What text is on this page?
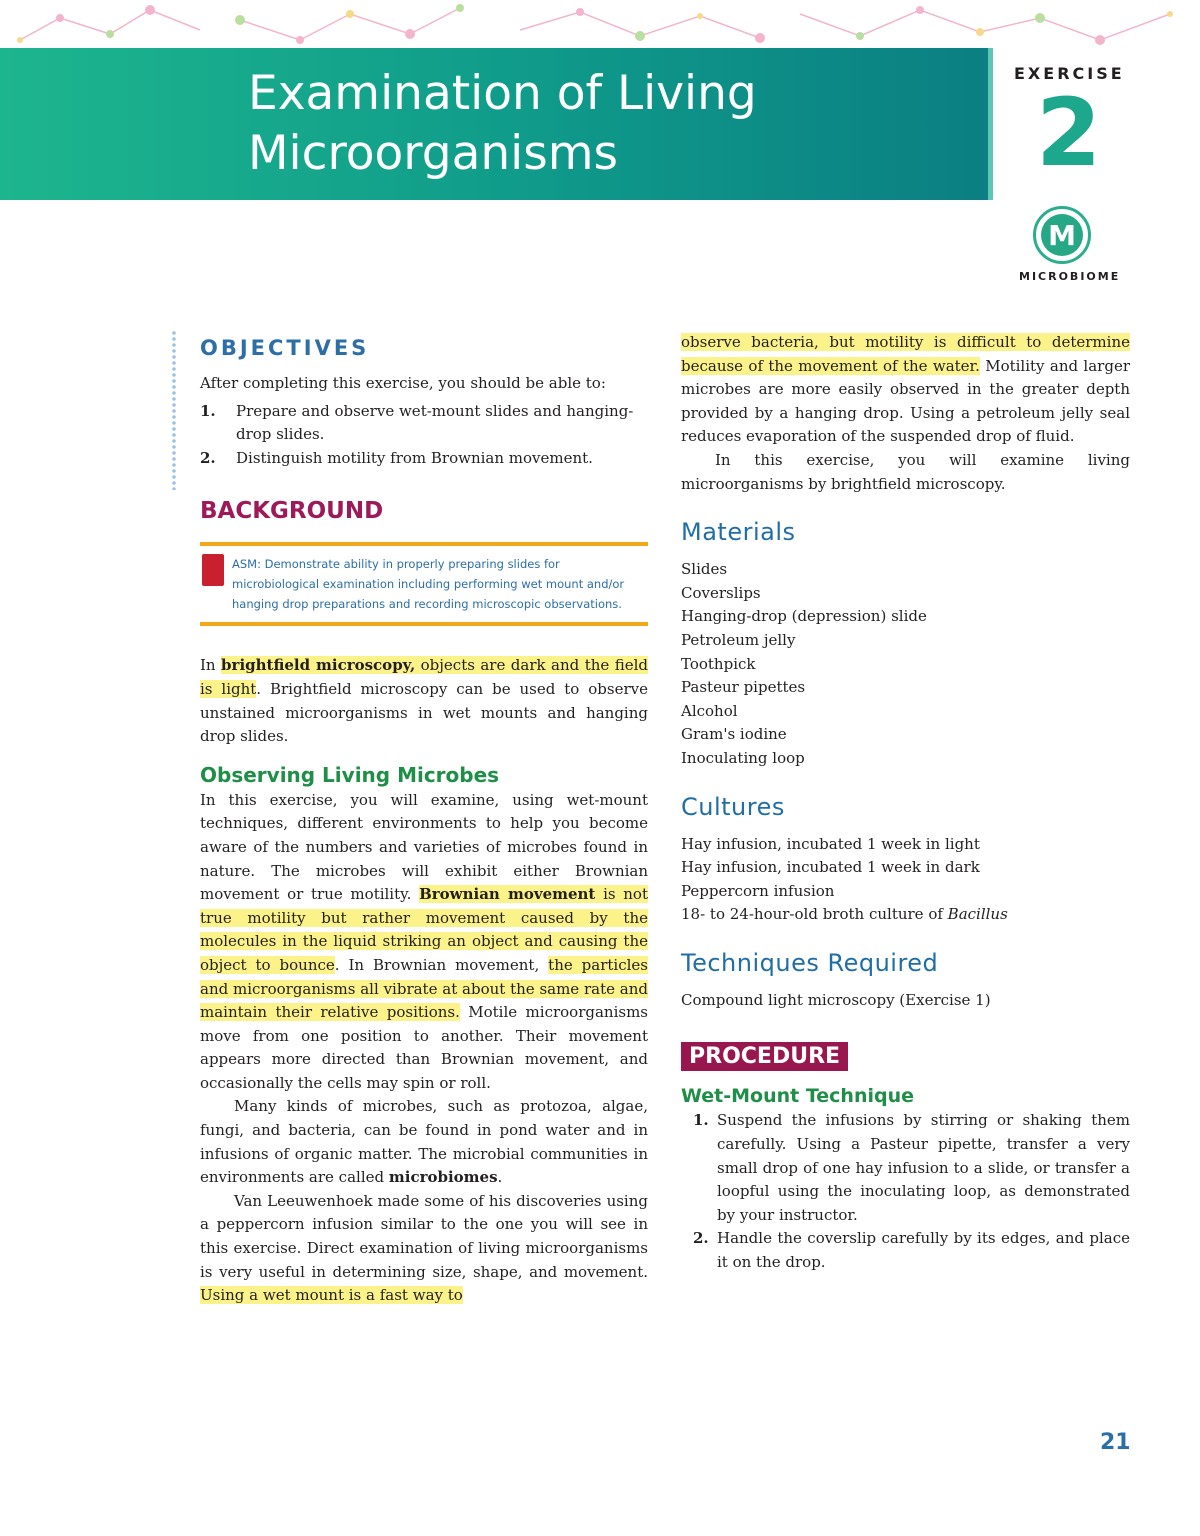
Examination of Living
Microorganisms
EXERCISE
2
M
MICROBIOME
OBJECTIVES

After completing this exercise, you should be able to:

1. Prepare and observe wet-mount slides and hanging-drop slides.
2. Distinguish motility from Brownian movement.
BACKGROUND
ASM: Demonstrate ability in properly preparing slides for microbiological examination including performing wet mount and/or hanging drop preparations and recording microscopic observations.

In brightfield microscopy, objects are dark and the field is light. Brightfield microscopy can be used to observe unstained microorganisms in wet mounts and hanging drop slides.

Observing Living Microbes

In this exercise, you will examine, using wet-mount techniques, different environments to help you become aware of the numbers and varieties of microbes found in nature. The microbes will exhibit either Brownian movement or true motility. Brownian movement is not true motility but rather movement caused by the molecules in the liquid striking an object and causing the object to bounce. In Brownian movement, the particles and microorganisms all vibrate at about the same rate and maintain their relative positions. Motile microorganisms move from one position to another. Their movement appears more directed than Brownian movement, and occasionally the cells may spin or roll.

Many kinds of microbes, such as protozoa, algae, fungi, and bacteria, can be found in pond water and in infusions of organic matter. The microbial communities in environments are called microbiomes.

Van Leeuwenhoek made some of his discoveries using a peppercorn infusion similar to the one you will see in this exercise. Direct examination of living microorganisms is very useful in determining size, shape, and movement. Using a wet mount is a fast way to

observe bacteria, but motility is difficult to determine because of the movement of the water. Motility and larger microbes are more easily observed in the greater depth provided by a hanging drop. Using a petroleum jelly seal reduces evaporation of the suspended drop of fluid.

In this exercise, you will examine living microorganisms by brightfield microscopy.

Materials
Slides
Coverslips
Hanging-drop (depression) slide
Petroleum jelly
Toothpick
Pasteur pipettes
Alcohol
Gram's iodine
Inoculating loop
Cultures
Hay infusion, incubated 1 week in light
Hay infusion, incubated 1 week in dark
Peppercorn infusion
18- to 24-hour-old broth culture of Bacillus
Techniques Required

Compound light microscopy (Exercise 1)

PROCEDURE
Wet-Mount Technique
1. Suspend the infusions by stirring or shaking them carefully. Using a Pasteur pipette, transfer a very small drop of one hay infusion to a slide, or transfer a loopful using the inoculating loop, as demonstrated by your instructor.
2. Handle the coverslip carefully by its edges, and place it on the drop.
21
